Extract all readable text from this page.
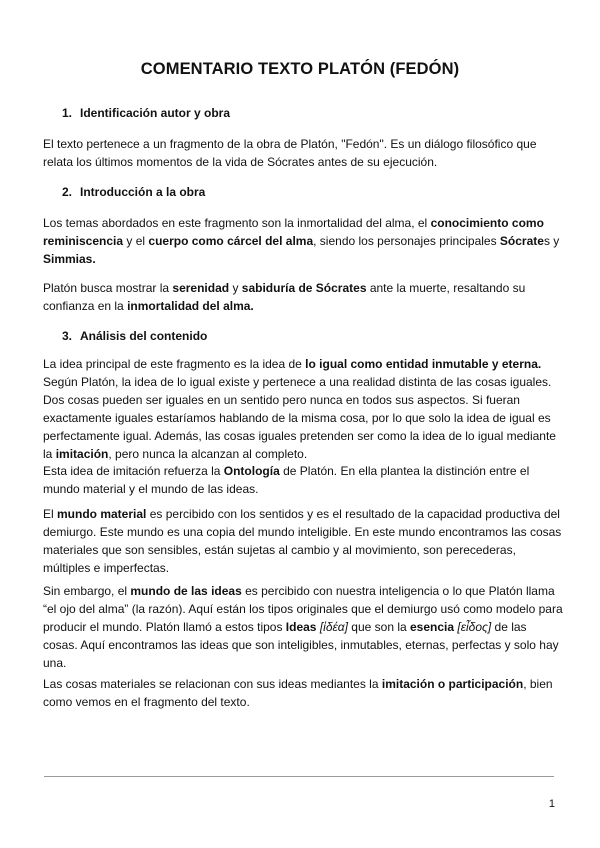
COMENTARIO TEXTO PLATÓN (FEDÓN)
1. Identificación autor y obra
El texto pertenece a un fragmento de la obra de Platón, "Fedón". Es un diálogo filosófico que relata los últimos momentos de la vida de Sócrates antes de su ejecución.
2. Introducción a la obra
Los temas abordados en este fragmento son la inmortalidad del alma, el conocimiento como reminiscencia y el cuerpo como cárcel del alma, siendo los personajes principales Sócrates y Simmias.
Platón busca mostrar la serenidad y sabiduría de Sócrates ante la muerte, resaltando su confianza en la inmortalidad del alma.
3. Análisis del contenido
La idea principal de este fragmento es la idea de lo igual como entidad inmutable y eterna. Según Platón, la idea de lo igual existe y pertenece a una realidad distinta de las cosas iguales. Dos cosas pueden ser iguales en un sentido pero nunca en todos sus aspectos. Si fueran exactamente iguales estaríamos hablando de la misma cosa, por lo que solo la idea de igual es perfectamente igual. Además, las cosas iguales pretenden ser como la idea de lo igual mediante la imitación, pero nunca la alcanzan al completo.
Esta idea de imitación refuerza la Ontología de Platón. En ella plantea la distinción entre el mundo material y el mundo de las ideas.
El mundo material es percibido con los sentidos y es el resultado de la capacidad productiva del demiurgo. Este mundo es una copia del mundo inteligible. En este mundo encontramos las cosas materiales que son sensibles, están sujetas al cambio y al movimiento, son perecederas, múltiples e imperfectas.
Sin embargo, el mundo de las ideas es percibido con nuestra inteligencia o lo que Platón llama “el ojo del alma” (la razón). Aquí están los tipos originales que el demiurgo usó como modelo para producir el mundo. Platón llamó a estos tipos Ideas [ἰδέα] que son la esencia [εἶδος] de las cosas. Aquí encontramos las ideas que son inteligibles, inmutables, eternas, perfectas y solo hay una.
Las cosas materiales se relacionan con sus ideas mediantes la imitación o participación, bien como vemos en el fragmento del texto.
1
